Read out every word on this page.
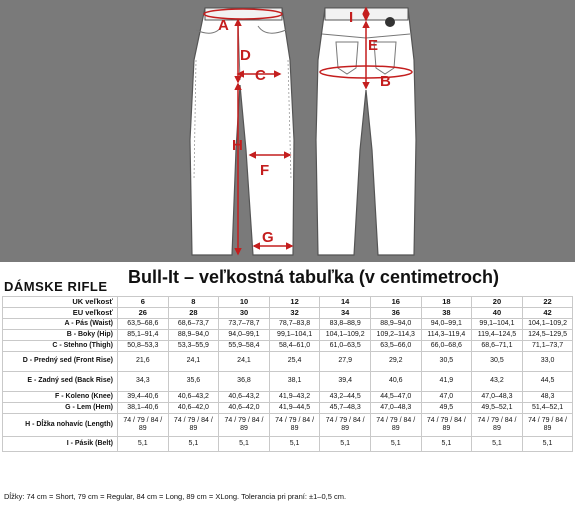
A
D
C
H
F
G
I
E
B
DÁMSKE RIFLE Bull-It – veľkostná tabuľka (v centimetroch)
UK veľkosť	6	8	10	12	14	16	18	20	22
EU veľkosť	26	28	30	32	34	36	38	40	42
A - Pás (Waist)	63,5–68,6	68,6–73,7	73,7–78,7	78,7–83,8	83,8–88,9	88,9–94,0	94,0–99,1	99,1–104,1	104,1–109,2
B - Boky (Hip)	85,1–91,4	88,9–94,0	94,0–99,1	99,1–104,1	104,1–109,2	109,2–114,3	114,3–119,4	119,4–124,5	124,5–129,5
C - Stehno (Thigh)	50,8–53,3	53,3–55,9	55,9–58,4	58,4–61,0	61,0–63,5	63,5–66,0	66,0–68,6	68,6–71,1	71,1–73,7
D - Predný sed (Front Rise)	21,6	24,1	24,1	25,4	27,9	29,2	30,5	30,5	33,0
E - Zadný sed (Back Rise)	34,3	35,6	36,8	38,1	39,4	40,6	41,9	43,2	44,5
F - Koleno (Knee)	39,4–40,6	40,6–43,2	40,6–43,2	41,9–43,2	43,2–44,5	44,5–47,0	47,0	47,0–48,3	48,3
G - Lem (Hem)	38,1–40,6	40,6–42,0	40,6–42,0	41,9–44,5	45,7–48,3	47,0–48,3	49,5	49,5–52,1	51,4–52,1
H - Dĺžka nohavíc (Length)	74 / 79 / 84 / 89	74 / 79 / 84 / 89	74 / 79 / 84 / 89	74 / 79 / 84 / 89	74 / 79 / 84 / 89	74 / 79 / 84 / 89	74 / 79 / 84 / 89	74 / 79 / 84 / 89	74 / 79 / 84 / 89
I - Pásik (Belt)	5,1	5,1	5,1	5,1	5,1	5,1	5,1	5,1	5,1
Dĺžky: 74 cm = Short, 79 cm = Regular, 84 cm = Long, 89 cm = XLong. Tolerancia pri praní: ±1–0,5 cm.
